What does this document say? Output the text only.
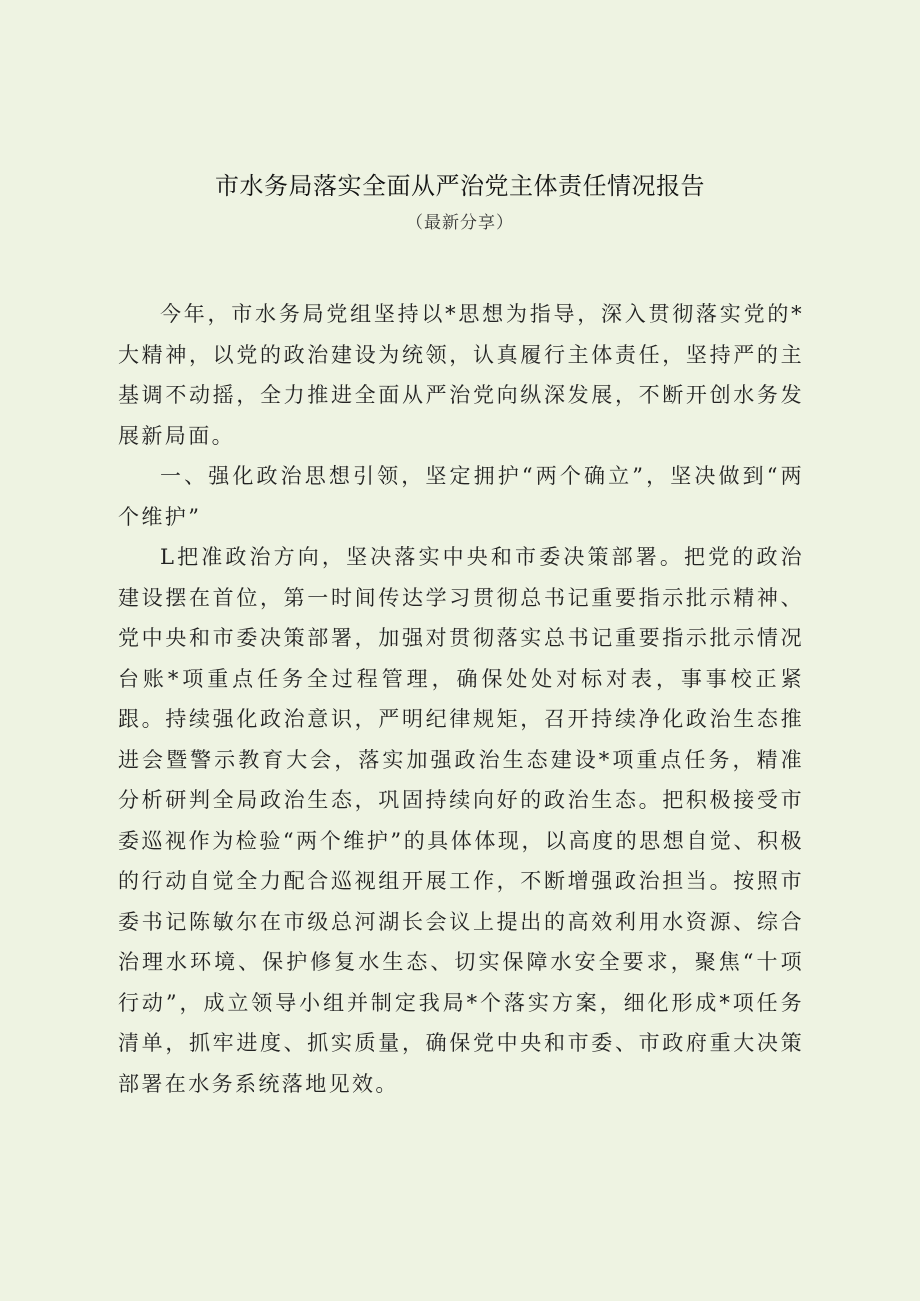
市水务局落实全面从严治党主体责任情况报告
（最新分享）

今年，市水务局党组坚持以*思想为指导，深入贯彻落实党的*大精神，以党的政治建设为统领，认真履行主体责任，坚持严的主基调不动摇，全力推进全面从严治党向纵深发展，不断开创水务发展新局面。

一、强化政治思想引领，坚定拥护“两个确立”，坚决做到“两个维护”

L把准政治方向，坚决落实中央和市委决策部署。把党的政治建设摆在首位，第一时间传达学习贯彻总书记重要指示批示精神、党中央和市委决策部署，加强对贯彻落实总书记重要指示批示情况台账*项重点任务全过程管理，确保处处对标对表，事事校正紧跟。持续强化政治意识，严明纪律规矩，召开持续净化政治生态推进会暨警示教育大会，落实加强政治生态建设*项重点任务，精准分析研判全局政治生态，巩固持续向好的政治生态。把积极接受市委巡视作为检验“两个维护”的具体体现，以高度的思想自觉、积极的行动自觉全力配合巡视组开展工作，不断增强政治担当。按照市委书记陈敏尔在市级总河湖长会议上提出的高效利用水资源、综合治理水环境、保护修复水生态、切实保障水安全要求，聚焦“十项行动”，成立领导小组并制定我局*个落实方案，细化形成*项任务清单，抓牢进度、抓实质量，确保党中央和市委、市政府重大决策部署在水务系统落地见效。
